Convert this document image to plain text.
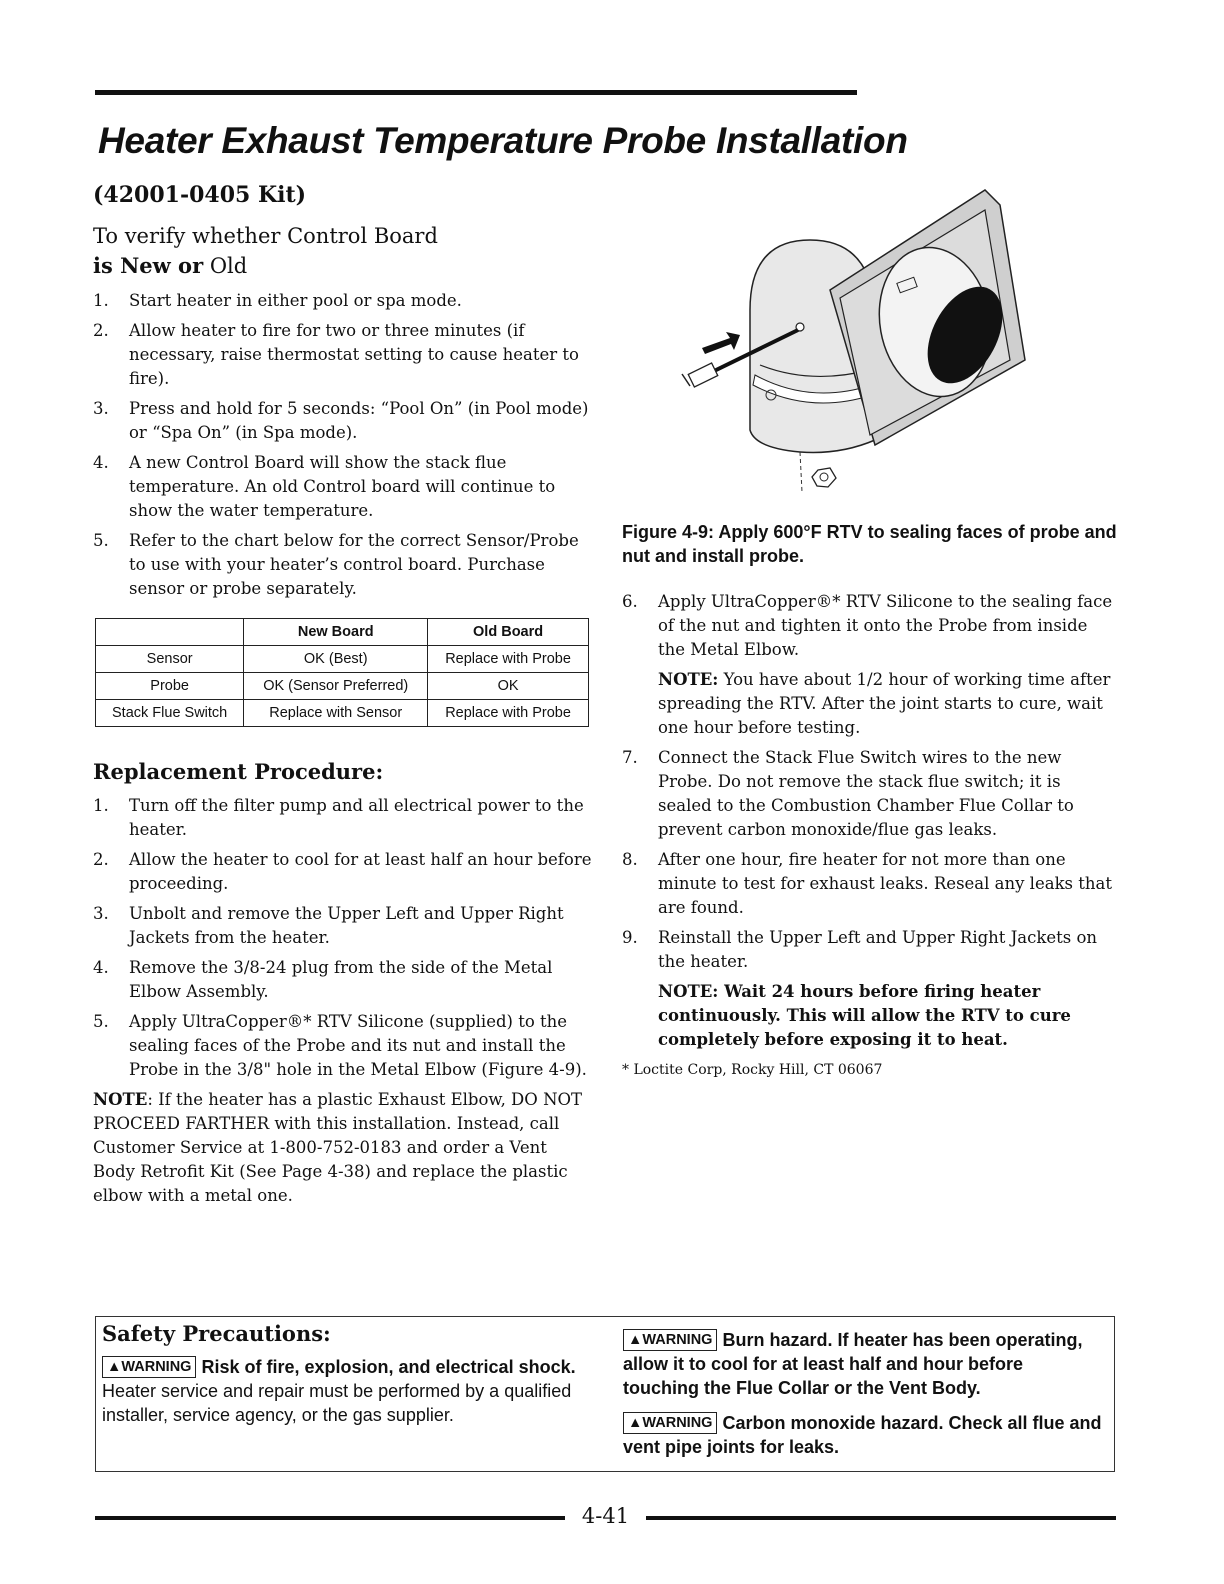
Heater Exhaust Temperature Probe Installation
(42001-0405 Kit)
To verify whether Control Board
is New or Old
1.	Start heater in either pool or spa mode.
2.	Allow heater to fire for two or three minutes (if necessary, raise thermostat setting to cause heater to fire).
3.	Press and hold for 5 seconds: “Pool On” (in Pool mode) or “Spa On” (in Spa mode).
4.	A new Control Board will show the stack flue temperature. An old Control board will continue to show the water temperature.
5.	Refer to the chart below for the correct Sensor/Probe to use with your heater’s control board. Purchase sensor or probe separately.
	New Board	Old Board
Sensor	OK (Best)	Replace with Probe
Probe	OK (Sensor Preferred)	OK
Stack Flue Switch	Replace with Sensor	Replace with Probe
Replacement Procedure:
1.	Turn off the filter pump and all electrical power to the heater.
2.	Allow the heater to cool for at least half an hour before proceeding.
3.	Unbolt and remove the Upper Left and Upper Right Jackets from the heater.
4.	Remove the 3/8-24 plug from the side of the Metal Elbow Assembly.
5.	Apply UltraCopper®* RTV Silicone (supplied) to the sealing faces of the Probe and its nut and install the Probe in the 3/8" hole in the Metal Elbow (Figure 4-9).

NOTE: If the heater has a plastic Exhaust Elbow, DO NOT PROCEED FARTHER with this installation. Instead, call Customer Service at 1-800-752-0183 and order a Vent Body Retrofit Kit (See Page 4-38) and replace the plastic elbow with a metal one.

Figure 4-9: Apply 600°F RTV to sealing faces of probe and nut and install probe.

6.	Apply UltraCopper®* RTV Silicone to the sealing face of the nut and tighten it onto the Probe from inside the Metal Elbow.

NOTE: You have about 1/2 hour of working time after spreading the RTV. After the joint starts to cure, wait one hour before testing.

7.	Connect the Stack Flue Switch wires to the new Probe. Do not remove the stack flue switch; it is sealed to the Combustion Chamber Flue Collar to prevent carbon monoxide/flue gas leaks.
8.	After one hour, fire heater for not more than one minute to test for exhaust leaks. Reseal any leaks that are found.
9.	Reinstall the Upper Left and Upper Right Jackets on the heater.

NOTE: Wait 24 hours before firing heater continuously. This will allow the RTV to cure completely before exposing it to heat.

* Loctite Corp, Rocky Hill, CT 06067
Safety Precautions:
▲WARNING Risk of fire, explosion, and electrical shock. Heater service and repair must be performed by a qualified installer, service agency, or the gas supplier.
▲WARNING Burn hazard. If heater has been operating, allow it to cool for at least half and hour before touching the Flue Collar or the Vent Body.
▲WARNING Carbon monoxide hazard. Check all flue and vent pipe joints for leaks.
4-41
